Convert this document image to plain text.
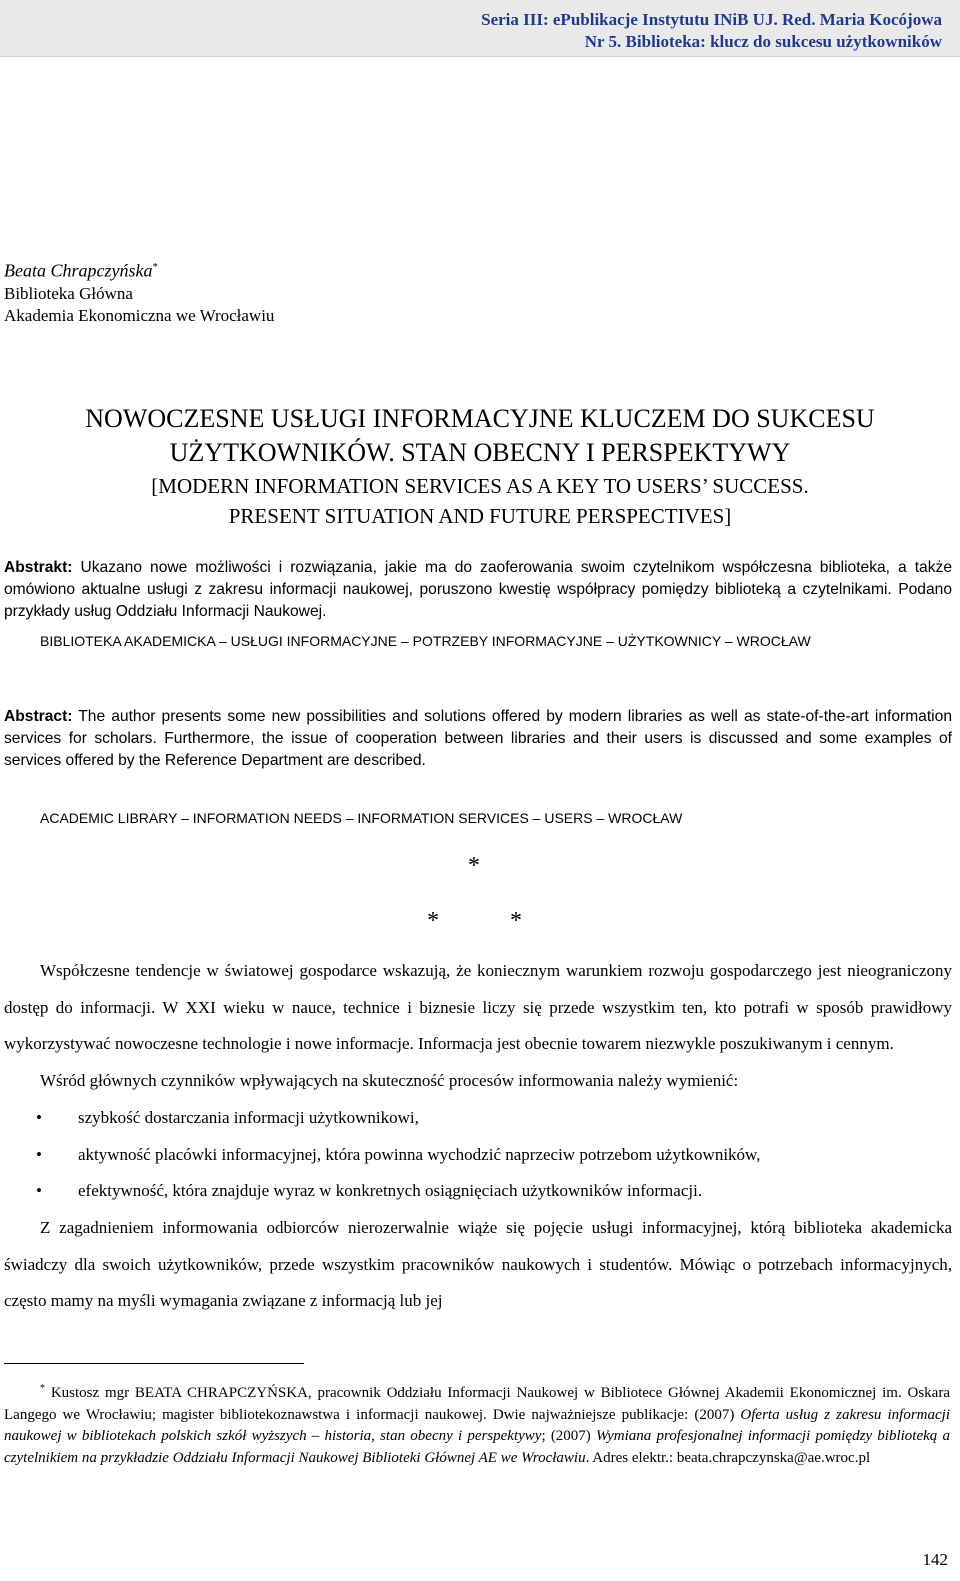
Seria III: ePublikacje Instytutu INiB UJ. Red. Maria Kocójowa
Nr 5. Biblioteka: klucz do sukcesu użytkowników
Beata Chrapczyńska*
Biblioteka Główna
Akademia Ekonomiczna we Wrocławiu
NOWOCZESNE USŁUGI INFORMACYJNE KLUCZEM DO SUKCESU
UŻYTKOWNIKÓW. STAN OBECNY I PERSPEKTYWY
[MODERN INFORMATION SERVICES AS A KEY TO USERS’ SUCCESS.
PRESENT SITUATION AND FUTURE PERSPECTIVES]
Abstrakt: Ukazano nowe możliwości i rozwiązania, jakie ma do zaoferowania swoim czytelnikom współczesna biblioteka, a także omówiono aktualne usługi z zakresu informacji naukowej, poruszono kwestię współpracy pomiędzy biblioteką a czytelnikami. Podano przykłady usług Oddziału Informacji Naukowej.
BIBLIOTEKA AKADEMICKA – USŁUGI INFORMACYJNE – POTRZEBY INFORMACYJNE – UŻYTKOWNICY – WROCŁAW
Abstract: The author presents some new possibilities and solutions offered by modern libraries as well as state-of-the-art information services for scholars. Furthermore, the issue of cooperation between libraries and their users is discussed and some examples of services offered by the Reference Department are described.
ACADEMIC LIBRARY – INFORMATION NEEDS – INFORMATION SERVICES – USERS – WROCŁAW
*
*	*

Współczesne tendencje w światowej gospodarce wskazują, że koniecznym warunkiem rozwoju gospodarczego jest nieograniczony dostęp do informacji. W XXI wieku w nauce, technice i biznesie liczy się przede wszystkim ten, kto potrafi w sposób prawidłowy wykorzystywać nowoczesne technologie i nowe informacje. Informacja jest obecnie towarem niezwykle poszukiwanym i cennym.

Wśród głównych czynników wpływających na skuteczność procesów informowania należy wymienić:

• szybkość dostarczania informacji użytkownikowi,
• aktywność placówki informacyjnej, która powinna wychodzić naprzeciw potrzebom użytkowników,
• efektywność, która znajduje wyraz w konkretnych osiągnięciach użytkowników informacji.

Z zagadnieniem informowania odbiorców nierozerwalnie wiąże się pojęcie usługi informacyjnej, którą biblioteka akademicka świadczy dla swoich użytkowników, przede wszystkim pracowników naukowych i studentów. Mówiąc o potrzebach informacyjnych, często mamy na myśli wymagania związane z informacją lub jej

* Kustosz mgr BEATA CHRAPCZYŃSKA, pracownik Oddziału Informacji Naukowej w Bibliotece Głównej Akademii Ekonomicznej im. Oskara Langego we Wrocławiu; magister bibliotekoznawstwa i informacji naukowej. Dwie najważniejsze publikacje: (2007) Oferta usług z zakresu informacji naukowej w bibliotekach polskich szkół wyższych – historia, stan obecny i perspektywy; (2007) Wymiana profesjonalnej informacji pomiędzy biblioteką a czytelnikiem na przykładzie Oddziału Informacji Naukowej Biblioteki Głównej AE we Wrocławiu. Adres elektr.: beata.chrapczynska@ae.wroc.pl

142
